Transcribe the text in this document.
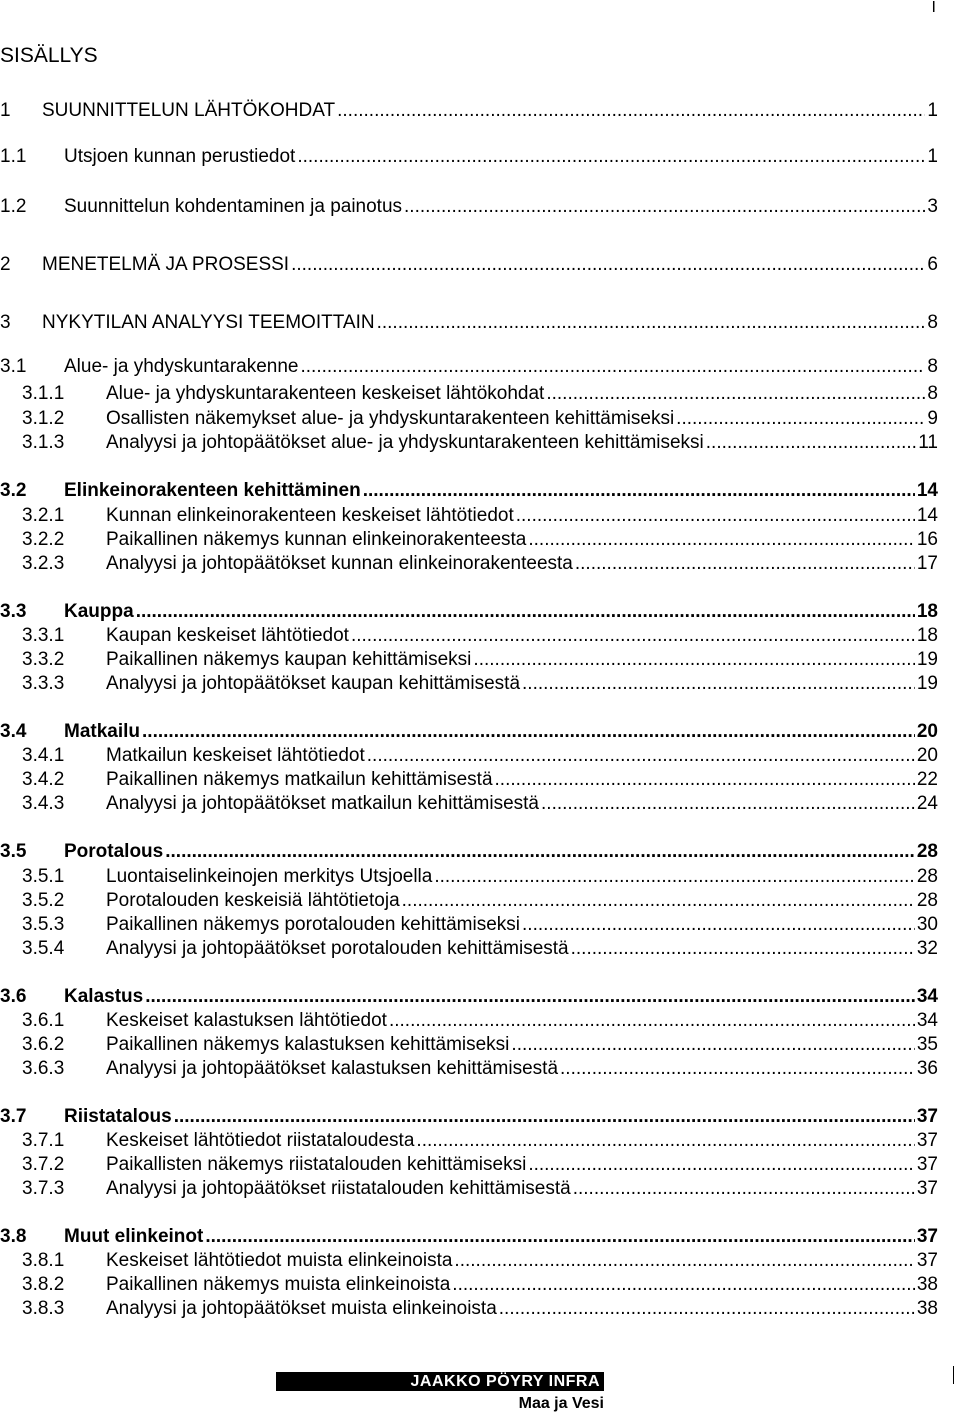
I
SISÄLLYS
1	SUUNNITTELUN LÄHTÖKOHDAT .....	1
1.1	Utsjoen kunnan perustiedot .....	1
1.2	Suunnittelun kohdentaminen ja painotus .....	3
2	MENETELMÄ JA PROSESSI .....	6
3	NYKYTILAN ANALYYSI TEEMOITTAIN .....	8
3.1	Alue- ja yhdyskuntarakenne .....	8
3.1.1	Alue- ja yhdyskuntarakenteen keskeiset lähtökohdat .....	8
3.1.2	Osallisten näkemykset alue- ja yhdyskuntarakenteen kehittämiseksi .....	9
3.1.3	Analyysi ja johtopäätökset alue- ja yhdyskuntarakenteen kehittämiseksi .....	11
3.2	Elinkeinorakenteen kehittäminen .....	14
3.2.1	Kunnan elinkeinorakenteen keskeiset lähtötiedot .....	14
3.2.2	Paikallinen näkemys kunnan elinkeinorakenteesta .....	16
3.2.3	Analyysi ja johtopäätökset kunnan elinkeinorakenteesta .....	17
3.3	Kauppa .....	18
3.3.1	Kaupan keskeiset lähtötiedot .....	18
3.3.2	Paikallinen näkemys kaupan kehittämiseksi .....	19
3.3.3	Analyysi ja johtopäätökset kaupan kehittämisestä .....	19
3.4	Matkailu .....	20
3.4.1	Matkailun keskeiset lähtötiedot .....	20
3.4.2	Paikallinen näkemys matkailun kehittämisestä .....	22
3.4.3	Analyysi ja johtopäätökset matkailun kehittämisestä .....	24
3.5	Porotalous .....	28
3.5.1	Luontaiselinkeinojen merkitys Utsjoella .....	28
3.5.2	Porotalouden keskeisiä lähtötietoja .....	28
3.5.3	Paikallinen näkemys porotalouden kehittämiseksi .....	30
3.5.4	Analyysi ja johtopäätökset porotalouden kehittämisestä .....	32
3.6	Kalastus .....	34
3.6.1	Keskeiset kalastuksen lähtötiedot .....	34
3.6.2	Paikallinen näkemys kalastuksen kehittämiseksi .....	35
3.6.3	Analyysi ja johtopäätökset kalastuksen kehittämisestä .....	36
3.7	Riistatalous .....	37
3.7.1	Keskeiset lähtötiedot riistataloudesta .....	37
3.7.2	Paikallisten näkemys riistatalouden kehittämiseksi .....	37
3.7.3	Analyysi ja johtopäätökset riistatalouden kehittämisestä .....	37
3.8	Muut elinkeinot .....	37
3.8.1	Keskeiset lähtötiedot muista elinkeinoista .....	37
3.8.2	Paikallinen näkemys muista elinkeinoista .....	38
3.8.3	Analyysi ja johtopäätökset muista elinkeinoista .....	38
JAAKKO PÖYRY INFRA
Maa ja Vesi
